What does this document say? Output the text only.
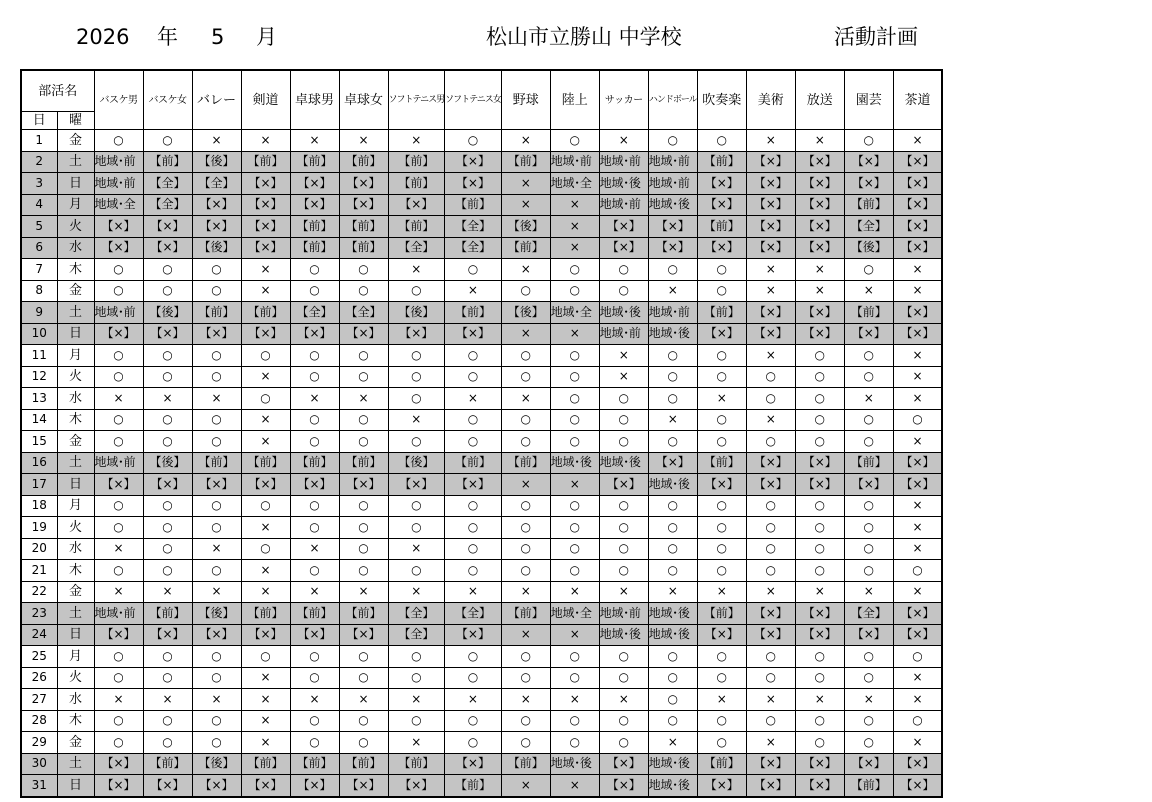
2026 年 5 月	松山市立勝山 中学校	活動計画
部活名		バスケ男	バスケ女	バレー	剣道	卓球男	卓球女	ソフトテニス男	ソフトテニス女	野球	陸上	サッカー	ハンドボール	吹奏楽	美術	放送	園芸	茶道
日	曜																	
1	金	○	○	×	×	×	×	×	○	×	○	×	○	○	×	×	○	×
2	土	地域･前	【前】	【後】	【前】	【前】	【前】	【前】	【×】	【前】	地域･前	地域･前	地域･前	【前】	【×】	【×】	【×】	【×】
3	日	地域･前	【全】	【全】	【×】	【×】	【×】	【前】	【×】	×	地域･全	地域･後	地域･前	【×】	【×】	【×】	【×】	【×】
4	月	地域･全	【全】	【×】	【×】	【×】	【×】	【×】	【前】	×	×	地域･前	地域･後	【×】	【×】	【×】	【前】	【×】
5	火	【×】	【×】	【×】	【×】	【前】	【前】	【前】	【全】	【後】	×	【×】	【×】	【前】	【×】	【×】	【全】	【×】
6	水	【×】	【×】	【後】	【×】	【前】	【前】	【全】	【全】	【前】	×	【×】	【×】	【×】	【×】	【×】	【後】	【×】
7	木	○	○	○	×	○	○	×	○	×	○	○	○	○	×	×	○	×
8	金	○	○	○	×	○	○	○	×	○	○	○	×	○	×	×	×	×
9	土	地域･前	【後】	【前】	【前】	【全】	【全】	【後】	【前】	【後】	地域･全	地域･後	地域･前	【前】	【×】	【×】	【前】	【×】
10	日	【×】	【×】	【×】	【×】	【×】	【×】	【×】	【×】	×	×	地域･前	地域･後	【×】	【×】	【×】	【×】	【×】
11	月	○	○	○	○	○	○	○	○	○	○	×	○	○	×	○	○	×
12	火	○	○	○	×	○	○	○	○	○	○	×	○	○	○	○	○	×
13	水	×	×	×	○	×	×	○	×	×	○	○	○	×	○	○	×	×
14	木	○	○	○	×	○	○	×	○	○	○	○	×	○	×	○	○	○
15	金	○	○	○	×	○	○	○	○	○	○	○	○	○	○	○	○	×
16	土	地域･前	【後】	【前】	【前】	【前】	【前】	【後】	【前】	【前】	地域･後	地域･後	【×】	【前】	【×】	【×】	【前】	【×】
17	日	【×】	【×】	【×】	【×】	【×】	【×】	【×】	【×】	×	×	【×】	地域･後	【×】	【×】	【×】	【×】	【×】
18	月	○	○	○	○	○	○	○	○	○	○	○	○	○	○	○	○	×
19	火	○	○	○	×	○	○	○	○	○	○	○	○	○	○	○	○	×
20	水	×	○	×	○	×	○	×	○	○	○	○	○	○	○	○	○	×
21	木	○	○	○	×	○	○	○	○	○	○	○	○	○	○	○	○	○
22	金	×	×	×	×	×	×	×	×	×	×	×	×	×	×	×	×	×
23	土	地域･前	【前】	【後】	【前】	【前】	【前】	【全】	【全】	【前】	地域･全	地域･前	地域･後	【前】	【×】	【×】	【全】	【×】
24	日	【×】	【×】	【×】	【×】	【×】	【×】	【全】	【×】	×	×	地域･後	地域･後	【×】	【×】	【×】	【×】	【×】
25	月	○	○	○	○	○	○	○	○	○	○	○	○	○	○	○	○	○
26	火	○	○	○	×	○	○	○	○	○	○	○	○	○	○	○	○	×
27	水	×	×	×	×	×	×	×	×	×	×	×	○	×	×	×	×	×
28	木	○	○	○	×	○	○	○	○	○	○	○	○	○	○	○	○	○
29	金	○	○	○	×	○	○	×	○	○	○	○	×	○	×	○	○	×
30	土	【×】	【前】	【後】	【前】	【前】	【前】	【前】	【×】	【前】	地域･後	【×】	地域･後	【前】	【×】	【×】	【×】	【×】
31	日	【×】	【×】	【×】	【×】	【×】	【×】	【×】	【前】	×	×	【×】	地域･後	【×】	【×】	【×】	【前】	【×】
